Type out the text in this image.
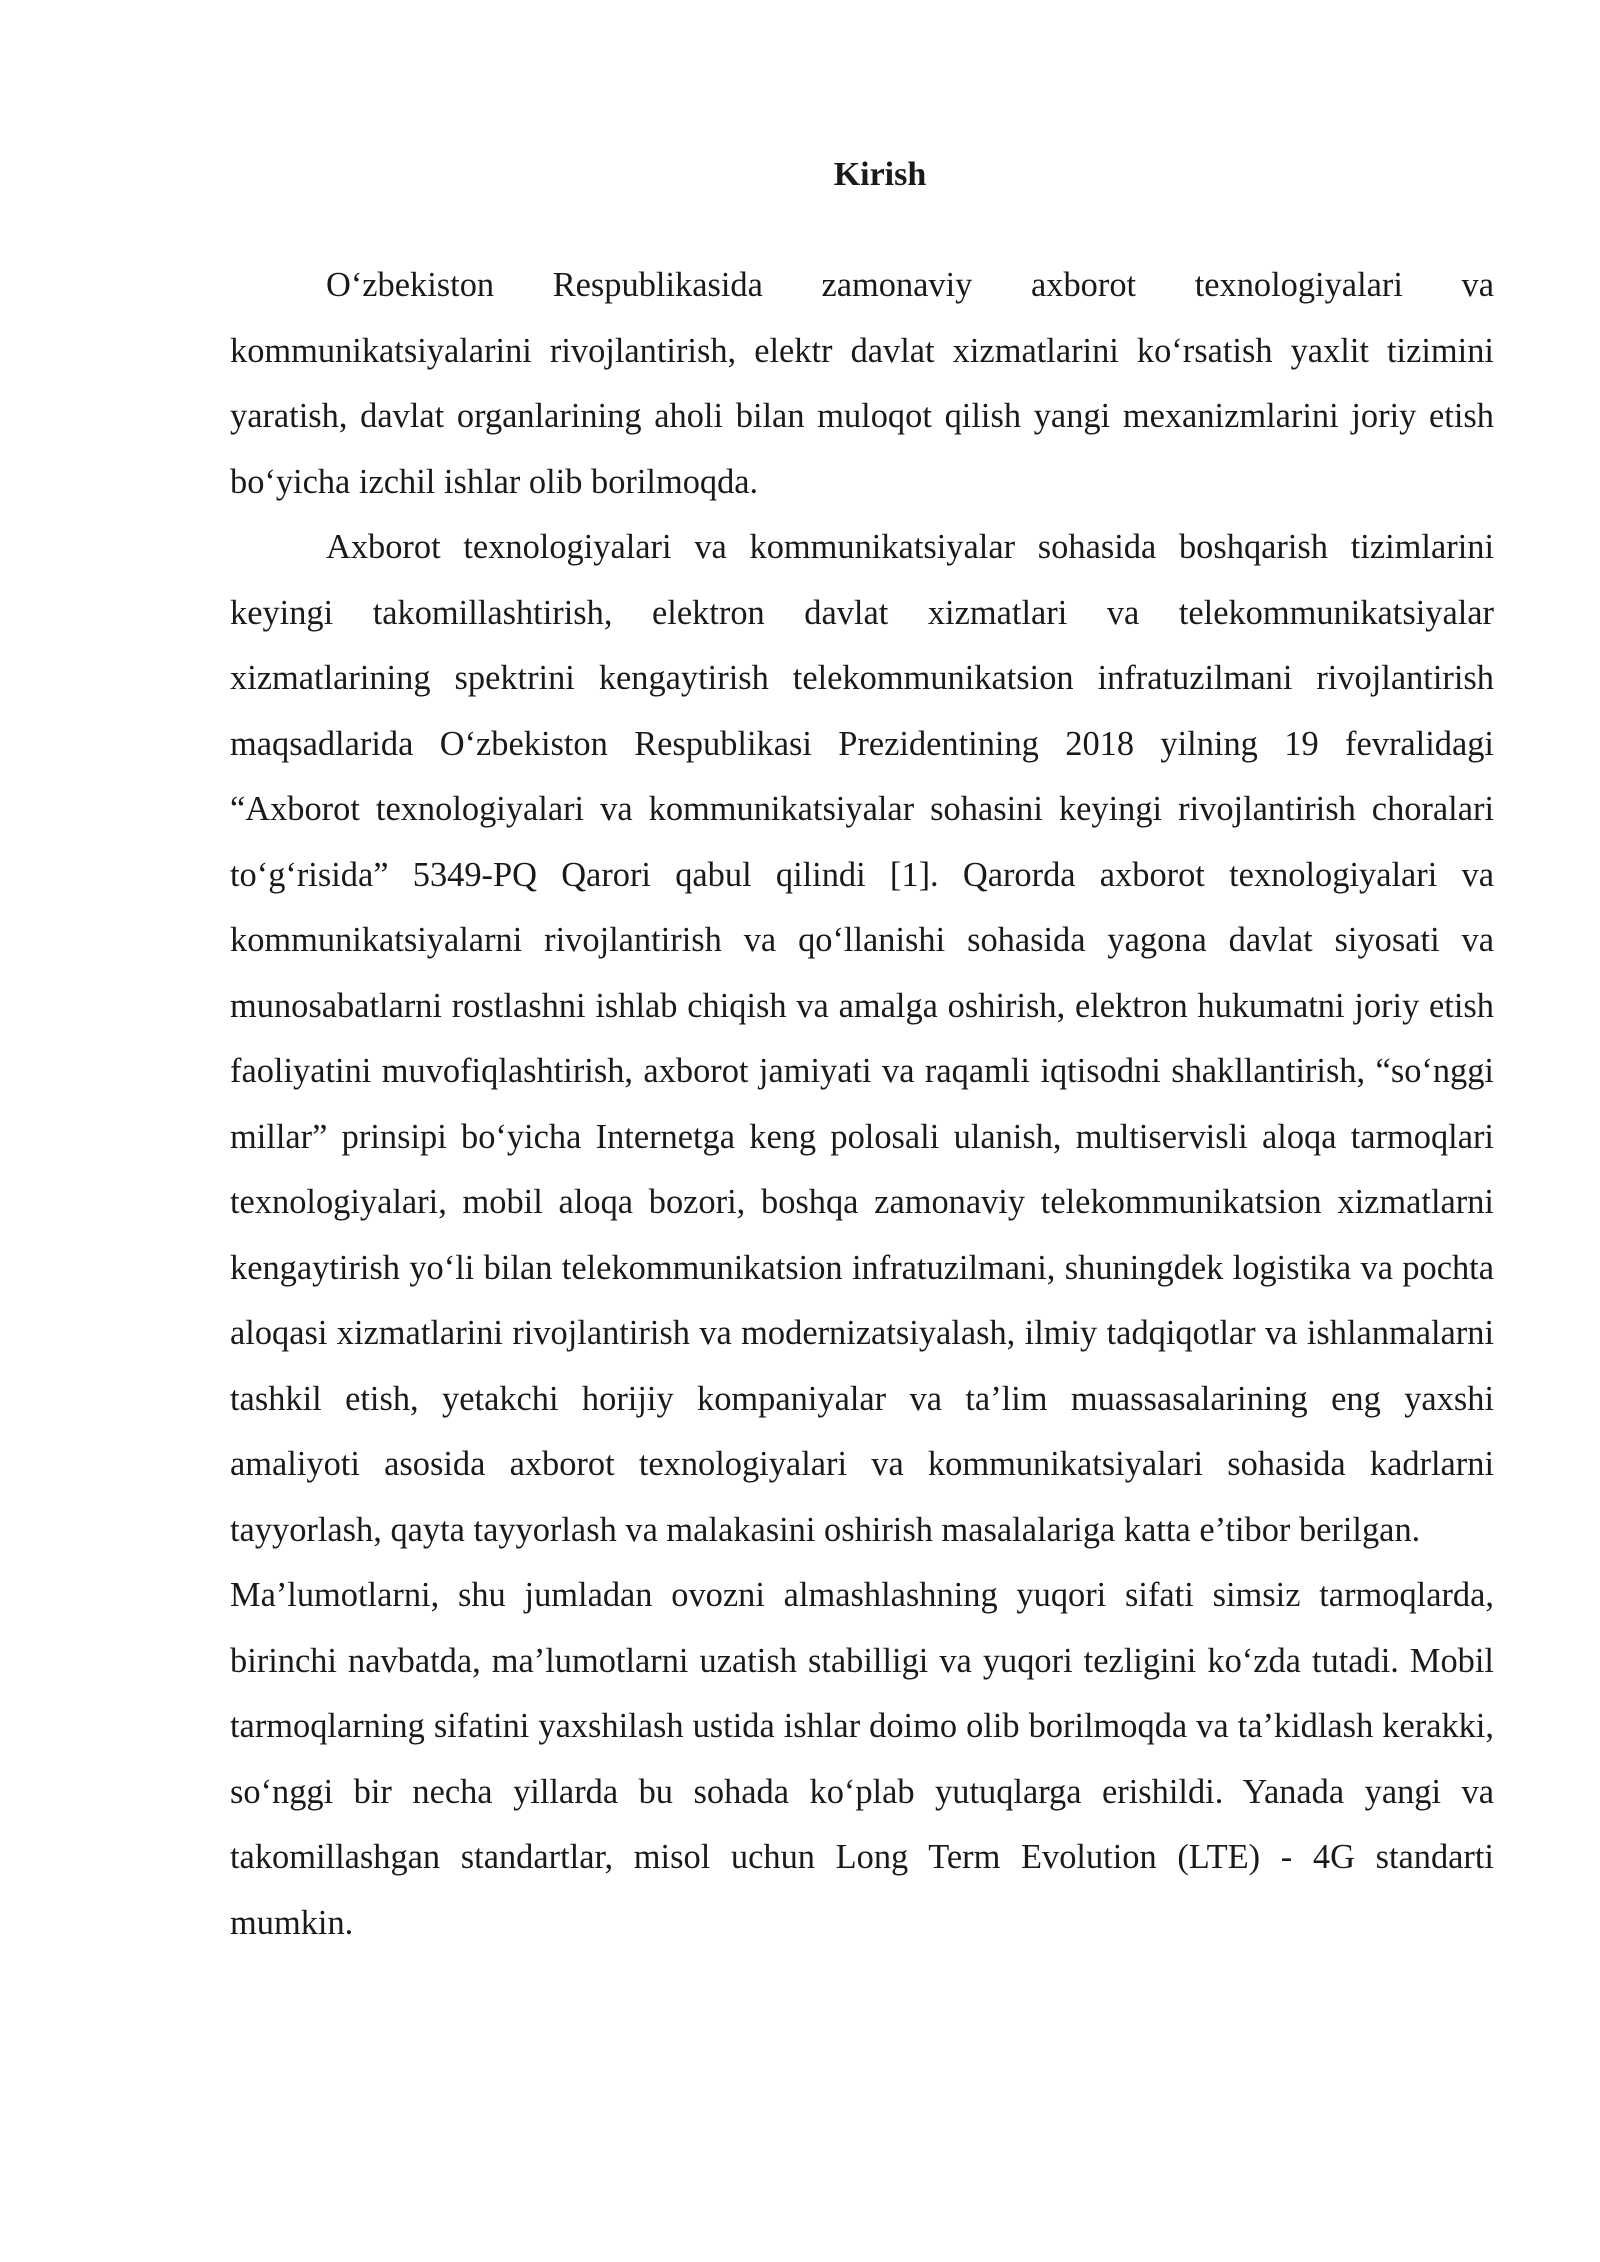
Kirish

O‘zbekiston Respublikasida zamonaviy axborot texnologiyalari va kommunikatsiyalarini rivojlantirish, elektr davlat xizmatlarini ko‘rsatish yaxlit tizimini yaratish, davlat organlarining aholi bilan muloqot qilish yangi mexanizmlarini joriy etish bo‘yicha izchil ishlar olib borilmoqda.

Axborot texnologiyalari va kommunikatsiyalar sohasida boshqarish tizimlarini keyingi takomillashtirish, elektron davlat xizmatlari va telekommunikatsiyalar xizmatlarining spektrini kengaytirish telekommunikatsion infratuzilmani rivojlantirish maqsadlarida O‘zbekiston Respublikasi Prezidentining 2018 yilning 19 fevralidagi “Axborot texnologiyalari va kommunikatsiyalar sohasini keyingi rivojlantirish choralari to‘g‘risida” 5349-PQ Qarori qabul qilindi [1]. Qarorda axborot texnologiyalari va kommunikatsiyalarni rivojlantirish va qo‘llanishi sohasida yagona davlat siyosati va munosabatlarni rostlashni ishlab chiqish va amalga oshirish, elektron hukumatni joriy etish faoliyatini muvofiqlashtirish, axborot jamiyati va raqamli iqtisodni shakllantirish, “so‘nggi millar” prinsipi bo‘yicha Internetga keng polosali ulanish, multiservisli aloqa tarmoqlari texnologiyalari, mobil aloqa bozori, boshqa zamonaviy telekommunikatsion xizmatlarni kengaytirish yo‘li bilan telekommunikatsion infratuzilmani, shuningdek logistika va pochta aloqasi xizmatlarini rivojlantirish va modernizatsiyalash, ilmiy tadqiqotlar va ishlanmalarni tashkil etish, yetakchi horijiy kompaniyalar va ta’lim muassasalarining eng yaxshi amaliyoti asosida axborot texnologiyalari va kommunikatsiyalari sohasida kadrlarni tayyorlash, qayta tayyorlash va malakasini oshirish masalalariga katta e’tibor berilgan.

Ma’lumotlarni, shu jumladan ovozni almashlashning yuqori sifati simsiz tarmoqlarda, birinchi navbatda, ma’lumotlarni uzatish stabilligi va yuqori tezligini ko‘zda tutadi. Mobil tarmoqlarning sifatini yaxshilash ustida ishlar doimo olib borilmoqda va ta’kidlash kerakki, so‘nggi bir necha yillarda bu sohada ko‘plab yutuqlarga erishildi. Yanada yangi va takomillashgan standartlar, misol uchun Long Term Evolution (LTE) - 4G standarti mumkin.
